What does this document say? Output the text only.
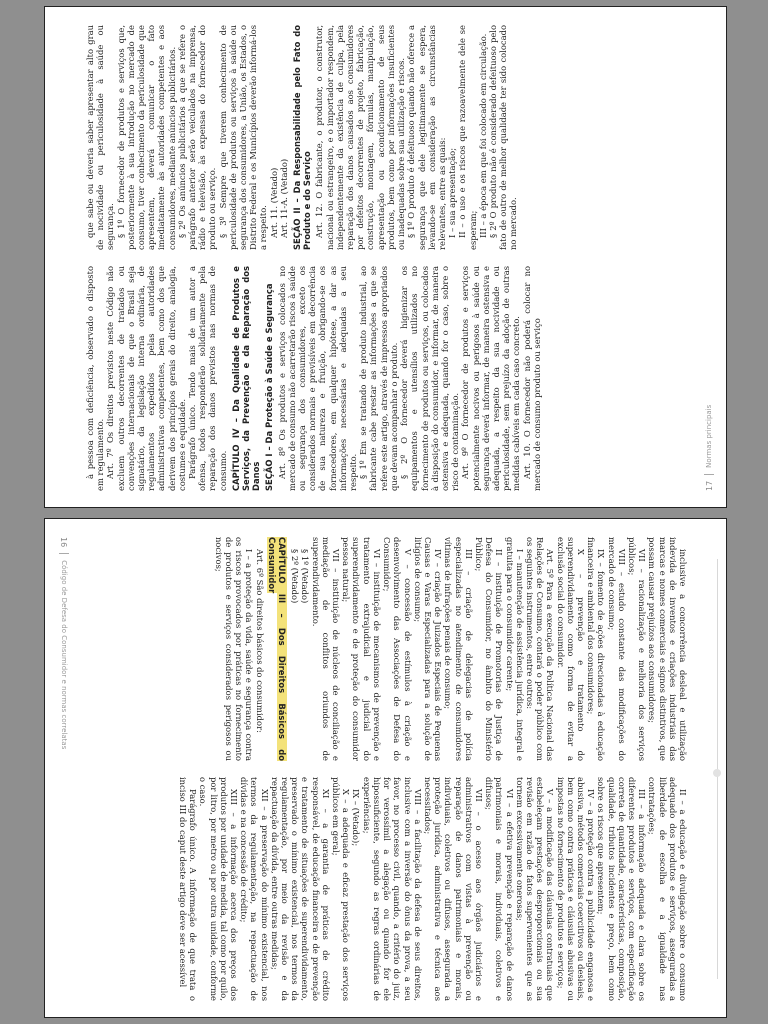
inclusive a concorrência desleal e utilização indevida de inventos e criações industriais das marcas e nomes comerciais e signos distintivos, que possam causar prejuízos aos consumidores;

VII – racionalização e melhoria dos serviços públicos;

VIII – estudo constante das modificações do mercado de consumo;

IX – fomento de ações direcionadas à educação financeira e ambiental dos consumidores;

X – prevenção e tratamento do superendividamento como forma de evitar a exclusão social do consumidor.

Art. 5º Para a execução da Política Nacional das Relações de Consumo, contará o poder público com os seguintes instrumentos, entre outros:

I – manutenção de assistência jurídica, integral e gratuita para o consumidor carente;

II – instituição de Promotorias de Justiça de Defesa do Consumidor, no âmbito do Ministério Público;

III – criação de delegacias de polícia especializadas no atendimento de consumidores vítimas de infrações penais de consumo;

IV – criação de Juizados Especiais de Pequenas Causas e Varas Especializadas para a solução de litígios de consumo;

V – concessão de estímulos à criação e desenvolvimento das Associações de Defesa do Consumidor;

VI – instituição de mecanismos de prevenção e tratamento extrajudicial e judicial do superendividamento e de proteção do consumidor pessoa natural;

VII – instituição de núcleos de conciliação e mediação de conflitos oriundos de superendividamento.

§ 1º (Vetado)

§ 2º (Vetado)

CAPÍTULO III – Dos Direitos Básicos do Consumidor

Art. 6º São direitos básicos do consumidor:

I – a proteção da vida, saúde e segurança contra os riscos provocados por práticas no fornecimento de produtos e serviços considerados perigosos ou nocivos;

II – a educação e divulgação sobre o consumo adequado dos produtos e serviços, asseguradas a liberdade de escolha e a igualdade nas contratações;

III – a informação adequada e clara sobre os diferentes produtos e serviços, com especificação correta de quantidade, características, composição, qualidade, tributos incidentes e preço, bem como sobre os riscos que apresentem;

IV – a proteção contra a publicidade enganosa e abusiva, métodos comerciais coercitivos ou desleais, bem como contra práticas e cláusulas abusivas ou impostas no fornecimento de produtos e serviços;

V – a modificação das cláusulas contratuais que estabeleçam prestações desproporcionais ou sua revisão em razão de fatos supervenientes que as tornem excessivamente onerosas;

VI – a efetiva prevenção e reparação de danos patrimoniais e morais, individuais, coletivos e difusos;

VII – o acesso aos órgãos judiciários e administrativos com vistas à prevenção ou reparação de danos patrimoniais e morais, individuais, coletivos ou difusos, assegurada a proteção jurídica, administrativa e técnica aos necessitados;

VIII – a facilitação da defesa de seus direitos, inclusive com a inversão do ônus da prova, a seu favor, no processo civil, quando, a critério do juiz, for verossímil a alegação ou quando for ele hipossuficiente, segundo as regras ordinárias de experiências;

IX – (Vetado);

X – a adequada e eficaz prestação dos serviços públicos em geral;

XI – a garantia de práticas de crédito responsável, de educação financeira e de prevenção e tratamento de situações de superendividamento, preservado o mínimo existencial, nos termos da regulamentação, por meio da revisão e da repactuação da dívida, entre outras medidas;

XII – a preservação do mínimo existencial, nos termos da regulamentação, na repactuação de dívidas e na concessão de crédito;

XIII – a informação acerca dos preços dos produtos por unidade de medida, tal como por quilo, por litro, por metro ou por outra unidade, conforme o caso.

Parágrafo único. A informação de que trata o inciso III do caput deste artigo deve ser acessível

16
Código de Defesa do Consumidor e normas correlatas

à pessoa com deficiência, observado o disposto em regulamento. Art. 7º Os direitos previstos neste Código não excluem outros decorrentes de tratados ou convenções internacionais de que o Brasil seja signatário, da legislação interna ordinária, de regulamentos expedidos pelas autoridades administrativas competentes, bem como dos que derivem dos princípios gerais do direito, analogia, costumes e equidade. Parágrafo único. Tendo mais de um autor a ofensa, todos responderão solidariamente pela reparação dos danos previstos nas normas de consumo. CAPÍTULO IV – Da Qualidade de Produtos e Serviços, da Prevenção e da Reparação dos Danos SEÇÃO I – Da Proteção à Saúde e Segurança Art. 8º Os produtos e serviços colocados no mercado de consumo não acarretarão riscos à saúde ou segurança dos consumidores, exceto os considerados normais e previsíveis em decorrência de sua natureza e fruição, obrigando-se os fornecedores, em qualquer hipótese, a dar as informações necessárias e adequadas a seu respeito. § 1º Em se tratando de produto industrial, ao fabricante cabe prestar as informações a que se refere este artigo, através de impressos apropriados que devam acompanhar o produto. § 2º O fornecedor deverá higienizar os equipamentos e utensílios utilizados no fornecimento de produtos ou serviços, ou colocados à disposição do consumidor, e informar, de maneira ostensiva e adequada, quando for o caso, sobre o risco de contaminação. Art. 9º O fornecedor de produtos e serviços potencialmente nocivos ou perigosos à saúde ou segurança deverá informar, de maneira ostensiva e adequada, a respeito da sua nocividade ou periculosidade, sem prejuízo da adoção de outras medidas cabíveis em cada caso concreto. Art. 10. O fornecedor não poderá colocar no mercado de consumo produto ou serviço

que sabe ou deveria saber apresentar alto grau de nocividade ou periculosidade à saúde ou segurança. § 1º O fornecedor de produtos e serviços que, posteriormente à sua introdução no mercado de consumo, tiver conhecimento da periculosidade que apresentem, deverá comunicar o fato imediatamente às autoridades competentes e aos consumidores, mediante anúncios publicitários. § 2º Os anúncios publicitários a que se refere o parágrafo anterior serão veiculados na imprensa, rádio e televisão, às expensas do fornecedor do produto ou serviço. § 3º Sempre que tiverem conhecimento de periculosidade de produtos ou serviços à saúde ou segurança dos consumidores, a União, os Estados, o Distrito Federal e os Municípios deverão informá-los a respeito. Art. 11. (Vetado) Art. 11-A. (Vetado) SEÇÃO II – Da Responsabilidade pelo Fato do Produto e do Serviço Art. 12. O fabricante, o produtor, o construtor, nacional ou estrangeiro, e o importador respondem, independentemente da existência de culpa, pela reparação dos danos causados aos consumidores por defeitos decorrentes de projeto, fabricação, construção, montagem, fórmulas, manipulação, apresentação ou acondicionamento de seus produtos, bem como por informações insuficientes ou inadequadas sobre sua utilização e riscos. § 1º O produto é defeituoso quando não oferece a segurança que dele legitimamente se espera, levando-se em consideração as circunstâncias relevantes, entre as quais: I – sua apresentação; II – o uso e os riscos que razoavelmente dele se esperam; III – a época em que foi colocado em circulação. § 2º O produto não é considerado defeituoso pelo fato de outro de melhor qualidade ter sido colocado no mercado.

17
Normas principais
